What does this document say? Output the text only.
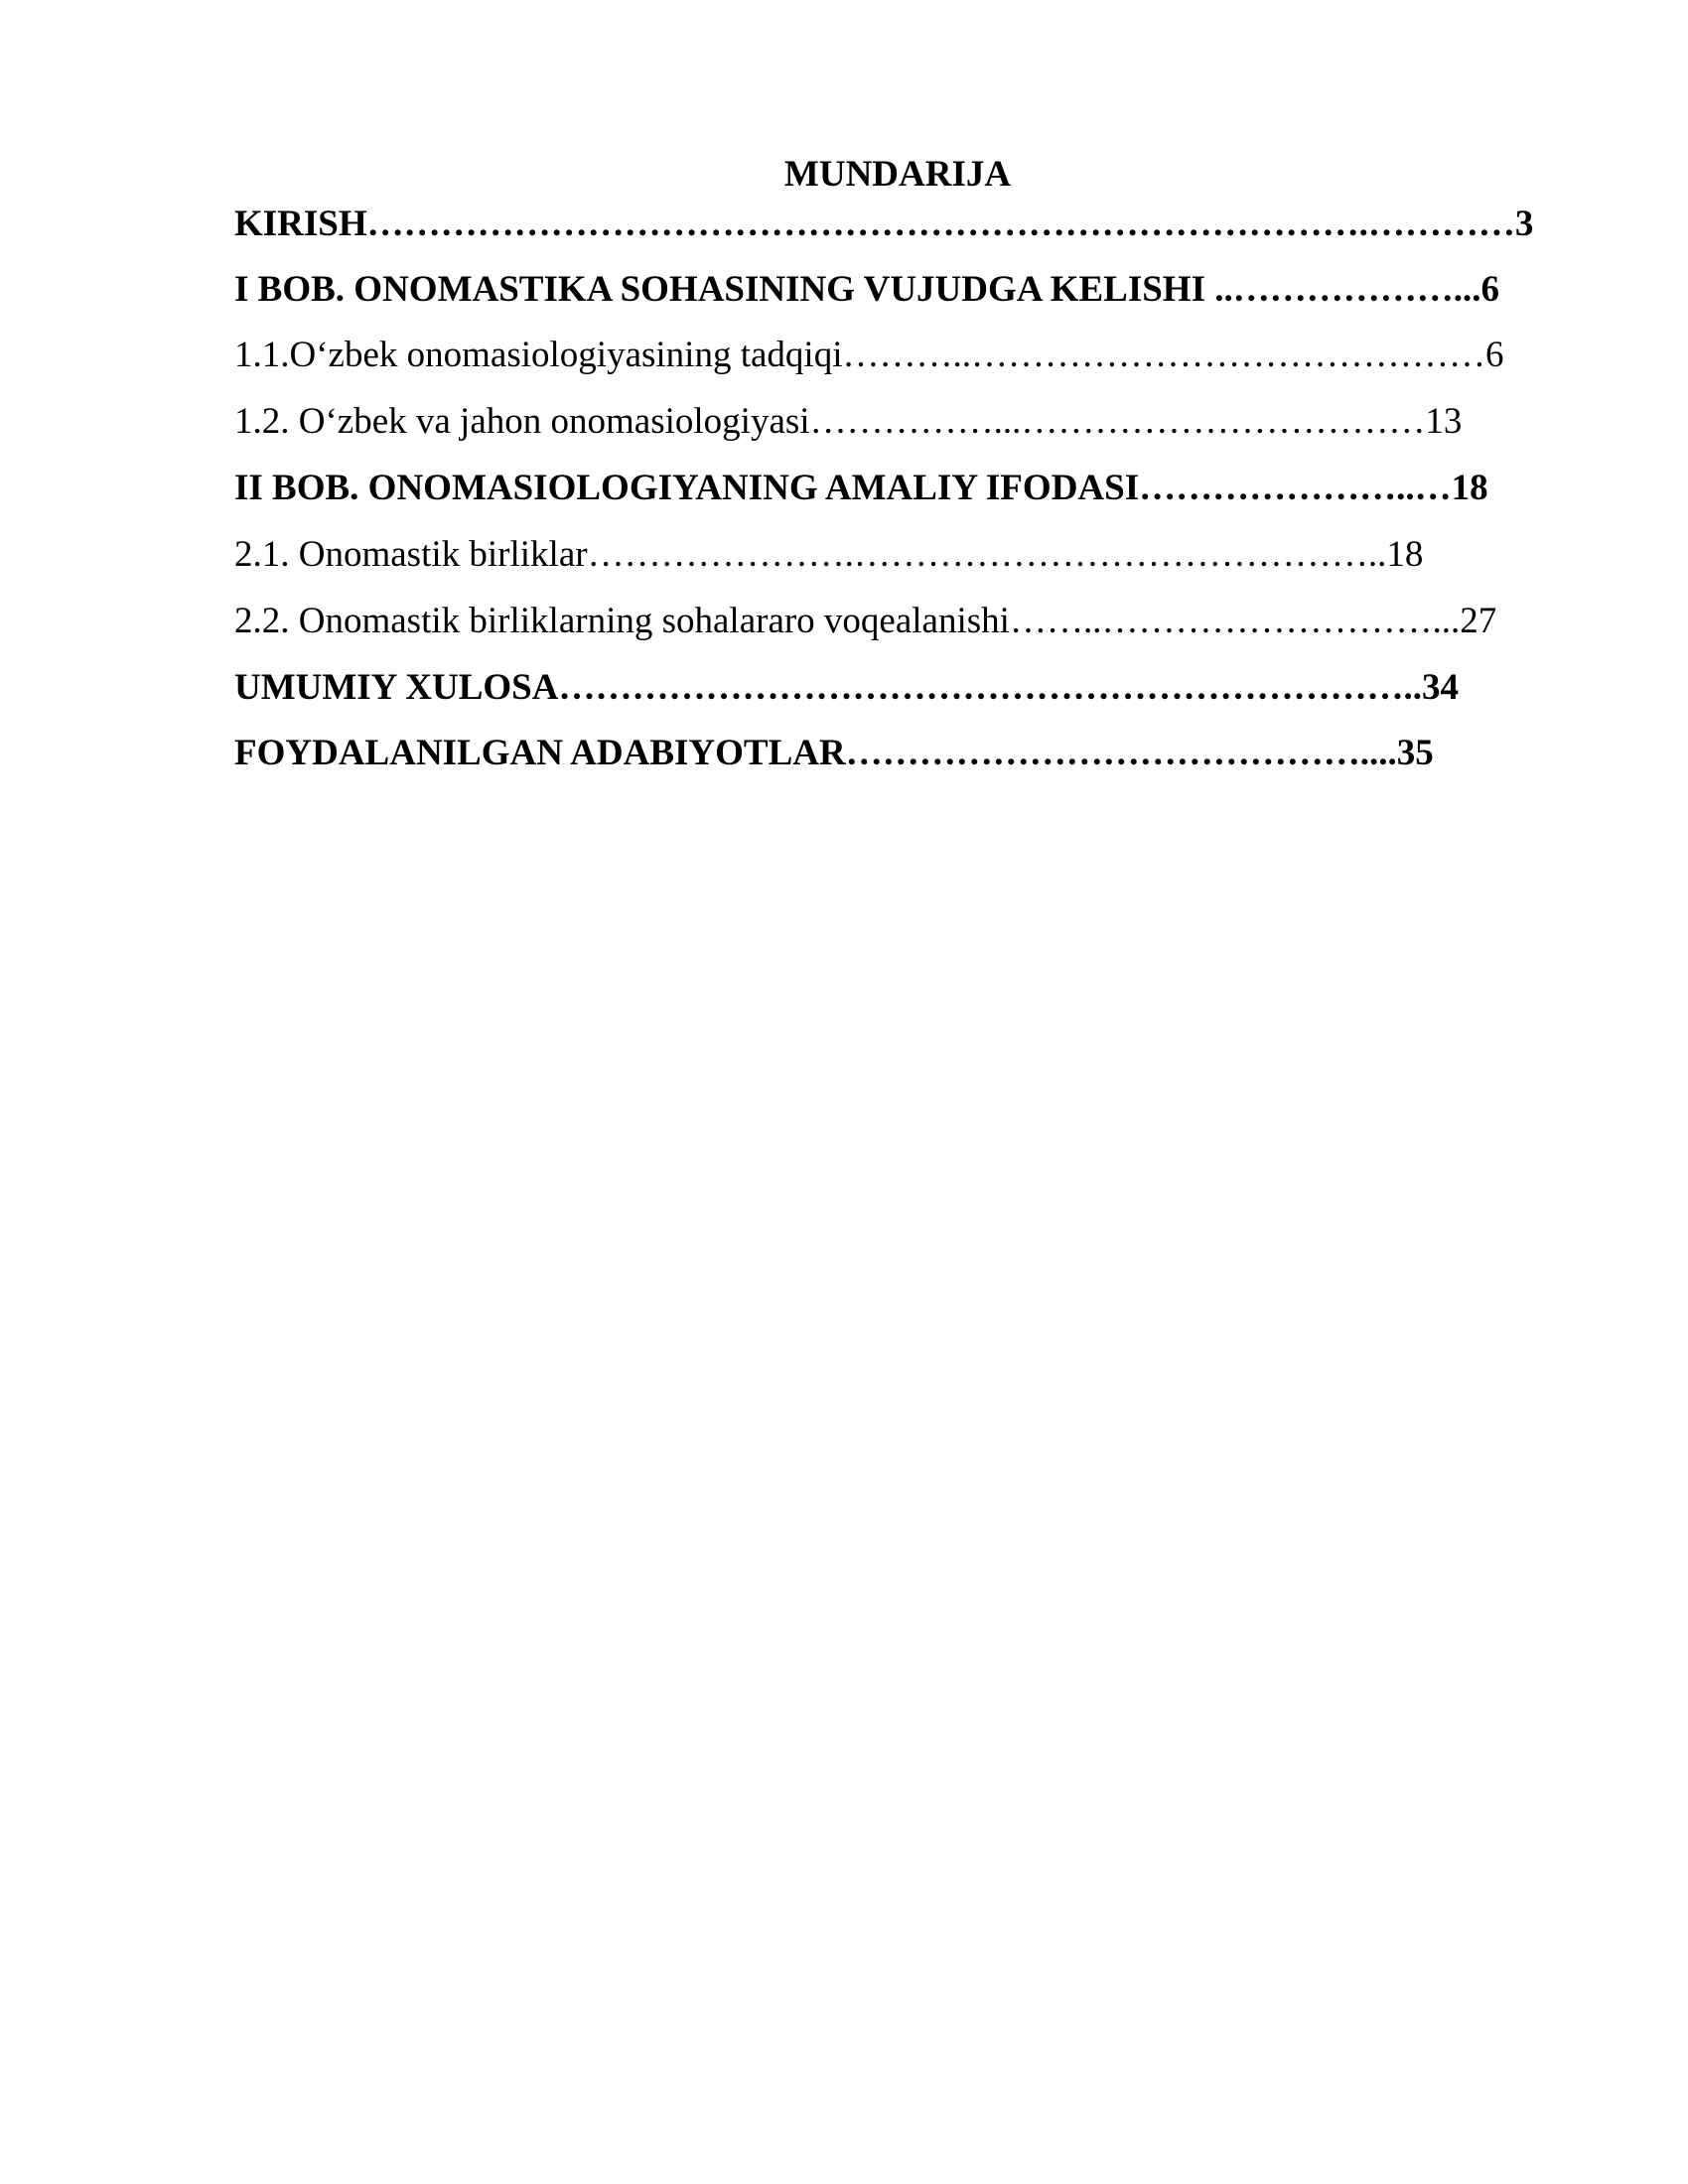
MUNDARIJA
KIRISH……………………………………………………………………….…………3
I BOB. ONOMASTIKA SOHASINING VUJUDGA KELISHI ..………………...6
1.1.O‘zbek onomasiologiyasining tadqiqi………..……………………………………6
1.2. O‘zbek va jahon onomasiologiyasi……………...……………………………13
II BOB. ONOMASIOLOGIYANING AMALIY IFODASI…………………..…18
2.1. Onomastik birliklar………………….……………………………………..18
2.2. Onomastik birliklarning sohalararo voqealanishi……..………………………...27
UMUMIY XULOSA……………………………………………………………..34
FOYDALANILGAN ADABIYOTLAR……………………………………....35
